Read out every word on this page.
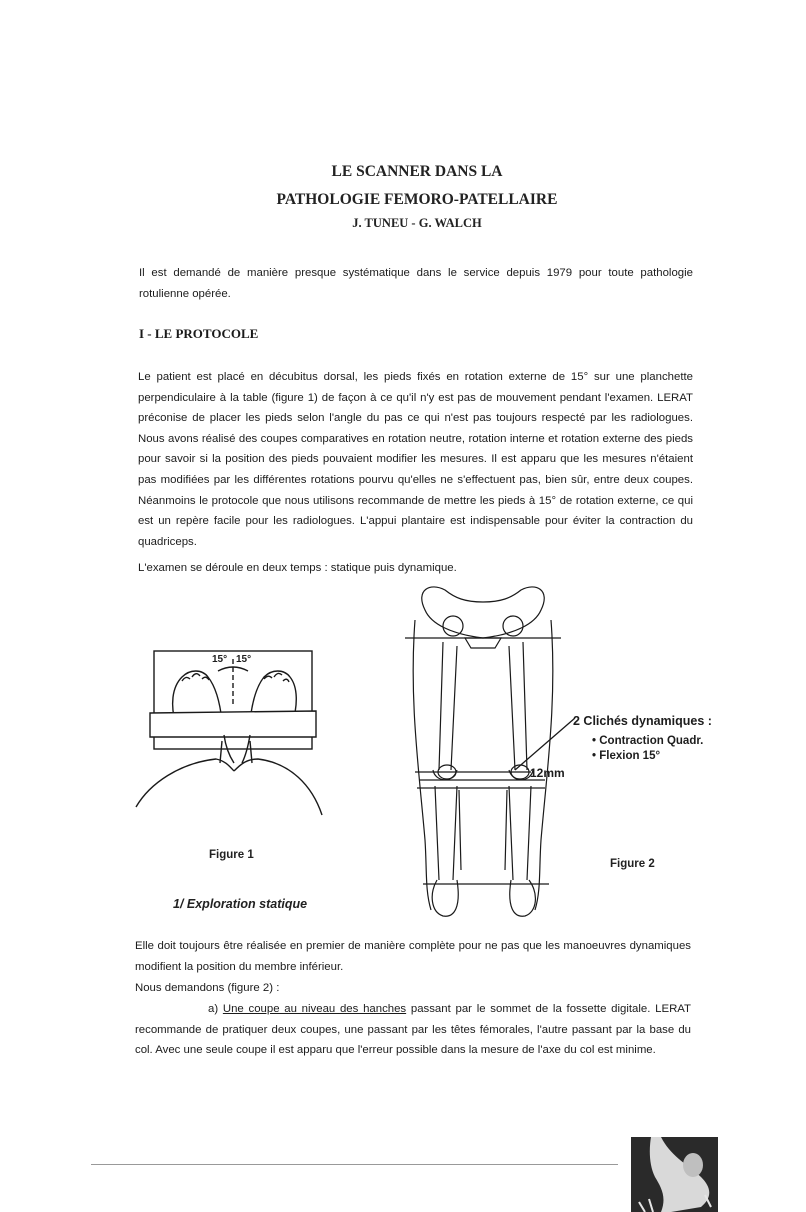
LE SCANNER DANS LA
PATHOLOGIE FEMORO-PATELLAIRE
J. TUNEU - G. WALCH
Il est demandé de manière presque systématique dans le service depuis 1979 pour toute pathologie rotulienne opérée.
I - LE PROTOCOLE
Le patient est placé en décubitus dorsal, les pieds fixés en rotation externe de 15° sur une planchette perpendiculaire à la table (figure 1) de façon à ce qu'il n'y est pas de mouvement pendant l'examen. LERAT préconise de placer les pieds selon l'angle du pas ce qui n'est pas toujours respecté par les radiologues. Nous avons réalisé des coupes comparatives en rotation neutre, rotation interne et rotation externe des pieds pour savoir si la position des pieds pouvaient modifier les mesures. Il est apparu que les mesures n'étaient pas modifiées par les différentes rotations pourvu qu'elles ne s'effectuent pas, bien sûr, entre deux coupes. Néanmoins le protocole que nous utilisons recommande de mettre les pieds à 15° de rotation externe, ce qui est un repère facile pour les radiologues. L'appui plantaire est indispensable pour éviter la contraction du quadriceps.
L'examen se déroule en deux temps : statique puis dynamique.
15° 15°
Figure 1
12mm
2 Clichés dynamiques :
• Contraction Quadr.
• Flexion 15°
Figure 2
1/ Exploration statique
Elle doit toujours être réalisée en premier de manière complète pour ne pas que les manoeuvres dynamiques modifient la position du membre inférieur.
Nous demandons (figure 2) :
a) Une coupe au niveau des hanches passant par le sommet de la fossette digitale. LERAT recommande de pratiquer deux coupes, une passant par les têtes fémorales, l'autre passant par la base du col. Avec une seule coupe il est apparu que l'erreur possible dans la mesure de l'axe du col est minime.
